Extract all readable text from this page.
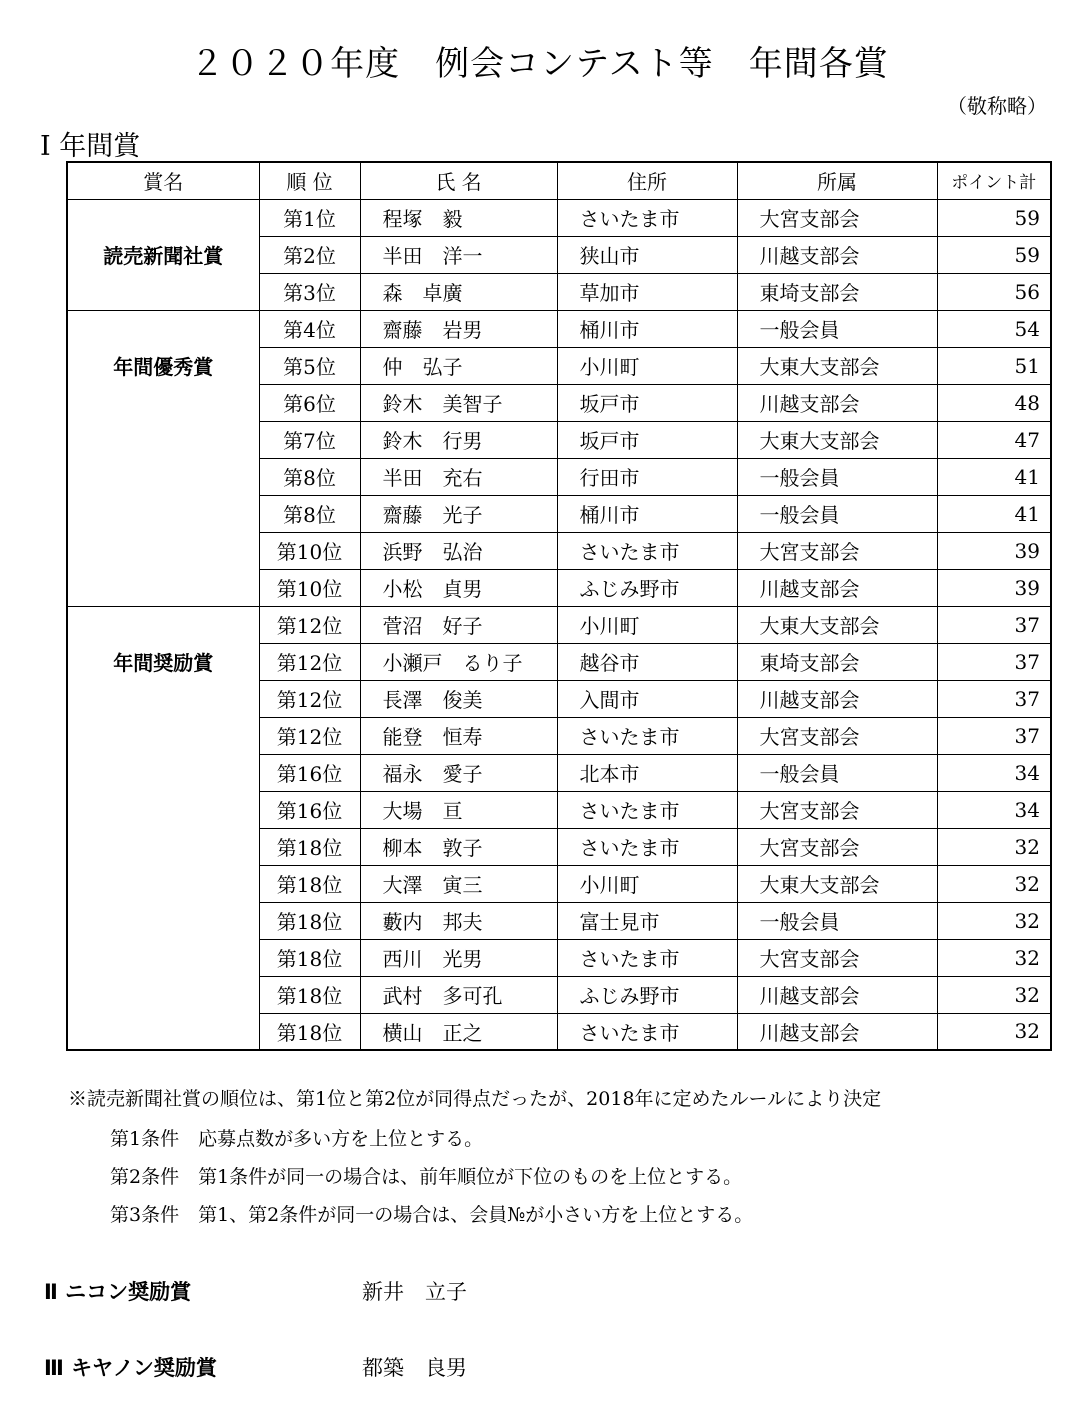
２０２０年度　例会コンテスト等　年間各賞
（敬称略）
Ⅰ 年間賞
賞名	順 位	氏 名	住所	所属	ポイント計
読売新聞社賞	第1位	程塚　毅	さいたま市	大宮支部会	59
	第2位	半田　洋一	狭山市	川越支部会	59
	第3位	森　卓廣	草加市	東埼支部会	56
年間優秀賞	第4位	齋藤　岩男	桶川市	一般会員	54
	第5位	仲　弘子	小川町	大東大支部会	51
	第6位	鈴木　美智子	坂戸市	川越支部会	48
	第7位	鈴木　行男	坂戸市	大東大支部会	47
	第8位	半田　充右	行田市	一般会員	41
	第8位	齋藤　光子	桶川市	一般会員	41
	第10位	浜野　弘治	さいたま市	大宮支部会	39
	第10位	小松　貞男	ふじみ野市	川越支部会	39
年間奨励賞	第12位	菅沼　好子	小川町	大東大支部会	37
	第12位	小瀬戸　るり子	越谷市	東埼支部会	37
	第12位	長澤　俊美	入間市	川越支部会	37
	第12位	能登　恒寿	さいたま市	大宮支部会	37
	第16位	福永　愛子	北本市	一般会員	34
	第16位	大場　亘	さいたま市	大宮支部会	34
	第18位	柳本　敦子	さいたま市	大宮支部会	32
	第18位	大澤　寅三	小川町	大東大支部会	32
	第18位	藪内　邦夫	富士見市	一般会員	32
	第18位	西川　光男	さいたま市	大宮支部会	32
	第18位	武村　多可孔	ふじみ野市	川越支部会	32
	第18位	横山　正之	さいたま市	川越支部会	32
※読売新聞社賞の順位は、第1位と第2位が同得点だったが、2018年に定めたルールにより決定
第1条件　応募点数が多い方を上位とする。
第2条件　第1条件が同一の場合は、前年順位が下位のものを上位とする。
第3条件　第1、第2条件が同一の場合は、会員№が小さい方を上位とする。
Ⅱ ニコン奨励賞	新井　立子
Ⅲ キヤノン奨励賞	都築　良男
